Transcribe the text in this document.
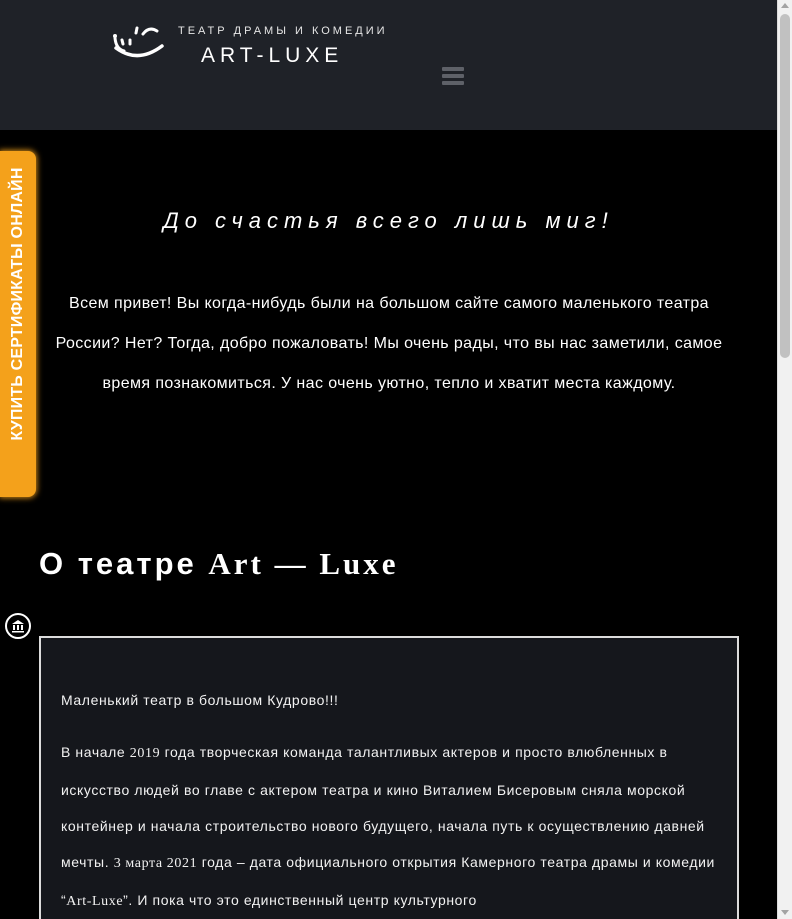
ТЕАТР ДРАМЫ И КОМЕДИИ
ART-LUXE
КУПИТЬ СЕРТИФИКАТЫ ОНЛАЙН	До счастья всего лишь миг!

Всем привет! Вы когда-нибудь были на большом сайте самого маленького театра России? Нет? Тогда, добро пожаловать! Мы очень рады, что вы нас заметили, самое время познакомиться. У нас очень уютно, тепло и хватит места каждому.

О театре Art — Luxe

Маленький театр в большом Кудрово!!!

В начале 2019 года творческая команда талантливых актеров и просто влюбленных в искусство людей во главе с актером театра и кино Виталием Бисеровым сняла морской контейнер и начала строительство нового будущего, начала путь к осуществлению давней мечты. 3 марта 2021 года – дата официального открытия Камерного театра драмы и комедии “Art-Luxe”. И пока что это единственный центр культурного
